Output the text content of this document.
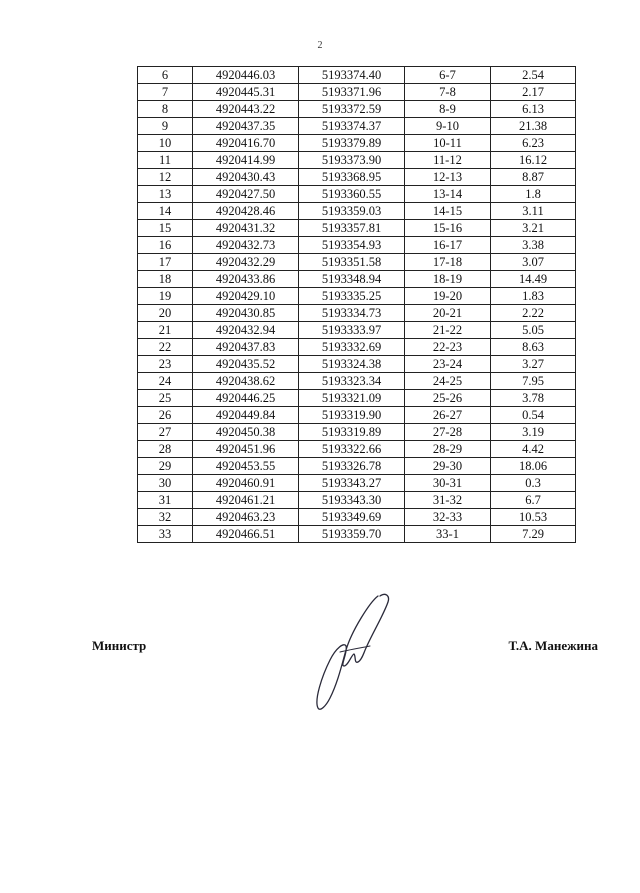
2
6	4920446.03	5193374.40	6-7	2.54
7	4920445.31	5193371.96	7-8	2.17
8	4920443.22	5193372.59	8-9	6.13
9	4920437.35	5193374.37	9-10	21.38
10	4920416.70	5193379.89	10-11	6.23
11	4920414.99	5193373.90	11-12	16.12
12	4920430.43	5193368.95	12-13	8.87
13	4920427.50	5193360.55	13-14	1.8
14	4920428.46	5193359.03	14-15	3.11
15	4920431.32	5193357.81	15-16	3.21
16	4920432.73	5193354.93	16-17	3.38
17	4920432.29	5193351.58	17-18	3.07
18	4920433.86	5193348.94	18-19	14.49
19	4920429.10	5193335.25	19-20	1.83
20	4920430.85	5193334.73	20-21	2.22
21	4920432.94	5193333.97	21-22	5.05
22	4920437.83	5193332.69	22-23	8.63
23	4920435.52	5193324.38	23-24	3.27
24	4920438.62	5193323.34	24-25	7.95
25	4920446.25	5193321.09	25-26	3.78
26	4920449.84	5193319.90	26-27	0.54
27	4920450.38	5193319.89	27-28	3.19
28	4920451.96	5193322.66	28-29	4.42
29	4920453.55	5193326.78	29-30	18.06
30	4920460.91	5193343.27	30-31	0.3
31	4920461.21	5193343.30	31-32	6.7
32	4920463.23	5193349.69	32-33	10.53
33	4920466.51	5193359.70	33-1	7.29
Министр	Т.А. Манежина
